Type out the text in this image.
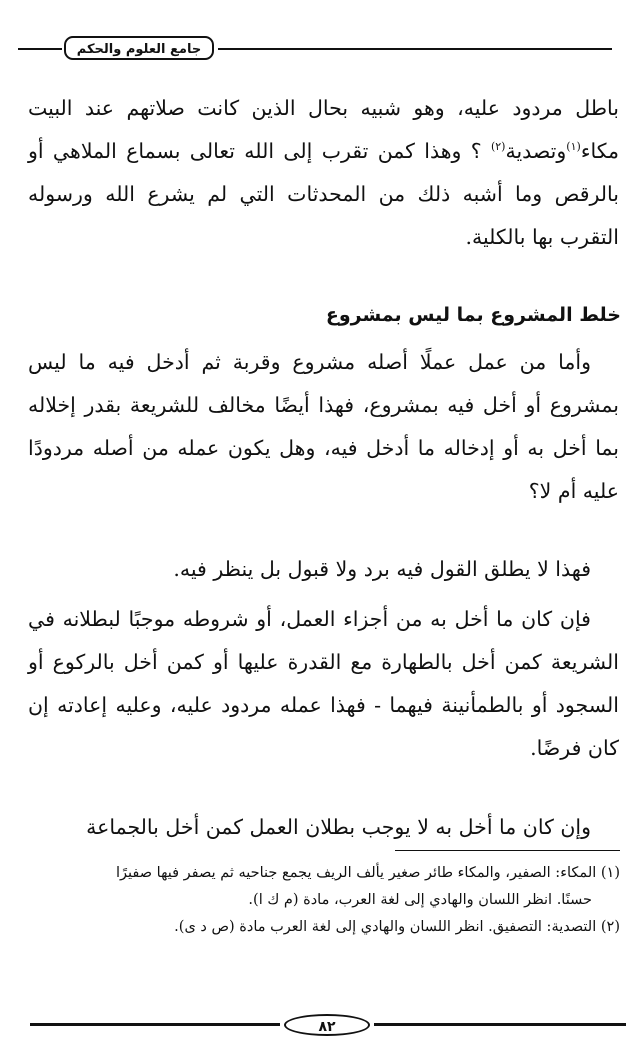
جامع العلوم والحكم

باطل مردود عليه، وهو شبيه بحال الذين كانت صلاتهم عند البيت مكاء$^{(١)}$وتصدية$^{(٢)}$ ؟ وهذا كمن تقرب إلى الله تعالى بسماع الملاهي أو بالرقص وما أشبه ذلك من المحدثات التي لم يشرع الله ورسوله التقرب بها بالكلية.

خلط المشروع بما ليس بمشروع

وأما من عمل عملًا أصله مشروع وقربة ثم أدخل فيه ما ليس بمشروع أو أخل فيه بمشروع، فهذا أيضًا مخالف للشريعة بقدر إخلاله بما أخل به أو إدخاله ما أدخل فيه، وهل يكون عمله من أصله مردودًا عليه أم لا؟

فهذا لا يطلق القول فيه برد ولا قبول بل ينظر فيه.

فإن كان ما أخل به من أجزاء العمل، أو شروطه موجبًا لبطلانه في الشريعة كمن أخل بالطهارة مع القدرة عليها أو كمن أخل بالركوع أو السجود أو بالطمأنينة فيهما - فهذا عمله مردود عليه، وعليه إعادته إن كان فرضًا.

وإن كان ما أخل به لا يوجب بطلان العمل كمن أخل بالجماعة

(١) المكاء: الصفير، والمكاء طائر صغير يألف الريف يجمع جناحيه ثم يصفر فيها صفيرًا

حسنًا. انظر اللسان والهادي إلى لغة العرب، مادة (م ك ا).

(٢) التصدية: التصفيق. انظر اللسان والهادي إلى لغة العرب مادة (ص د ى).

٨٢
